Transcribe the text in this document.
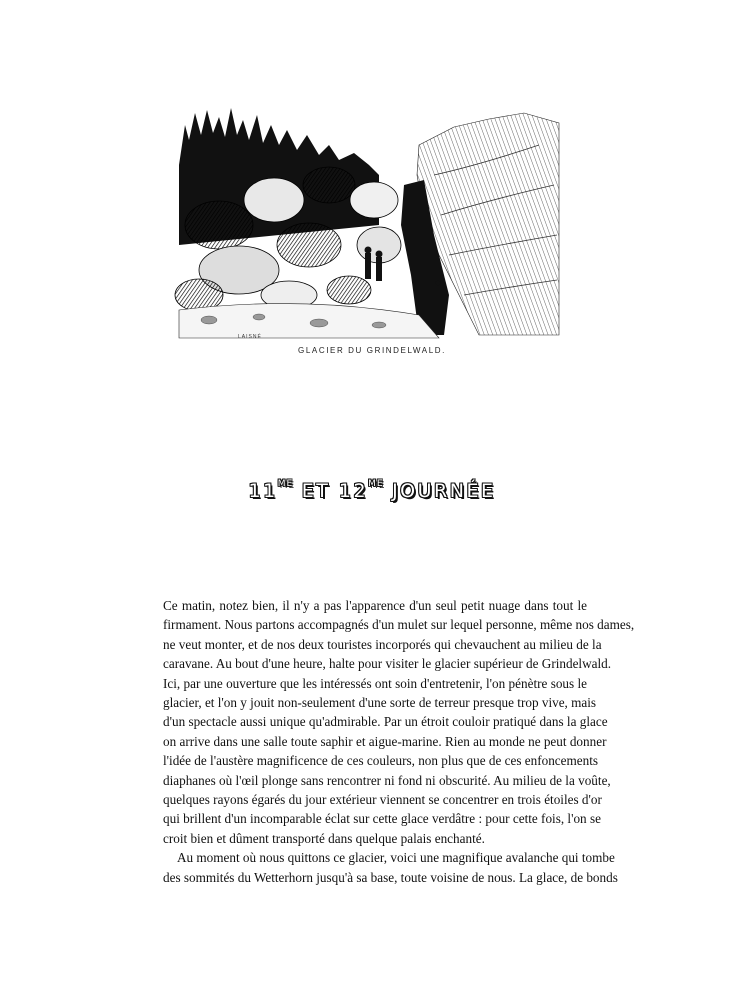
LAISNÉ
GLACIER DU GRINDELWALD.
$11^{ME}$ ET $12^{ME}$ JOURNÉE
Ce matin, notez bien, il n'y a pas l'apparence d'un seul petit nuage dans tout le
firmament. Nous partons accompagnés d'un mulet sur lequel personne, même nos dames,
ne veut monter, et de nos deux touristes incorporés qui chevauchent au milieu de la
caravane. Au bout d'une heure, halte pour visiter le glacier supérieur de Grindelwald.
Ici, par une ouverture que les intéressés ont soin d'entretenir, l'on pénètre sous le
glacier, et l'on y jouit non-seulement d'une sorte de terreur presque trop vive, mais
d'un spectacle aussi unique qu'admirable. Par un étroit couloir pratiqué dans la glace
on arrive dans une salle toute saphir et aigue-marine. Rien au monde ne peut donner
l'idée de l'austère magnificence de ces couleurs, non plus que de ces enfoncements
diaphanes où l'œil plonge sans rencontrer ni fond ni obscurité. Au milieu de la voûte,
quelques rayons égarés du jour extérieur viennent se concentrer en trois étoiles d'or
qui brillent d'un incomparable éclat sur cette glace verdâtre : pour cette fois, l'on se
croit bien et dûment transporté dans quelque palais enchanté.
Au moment où nous quittons ce glacier, voici une magnifique avalanche qui tombe
des sommités du Wetterhorn jusqu'à sa base, toute voisine de nous. La glace, de bonds
